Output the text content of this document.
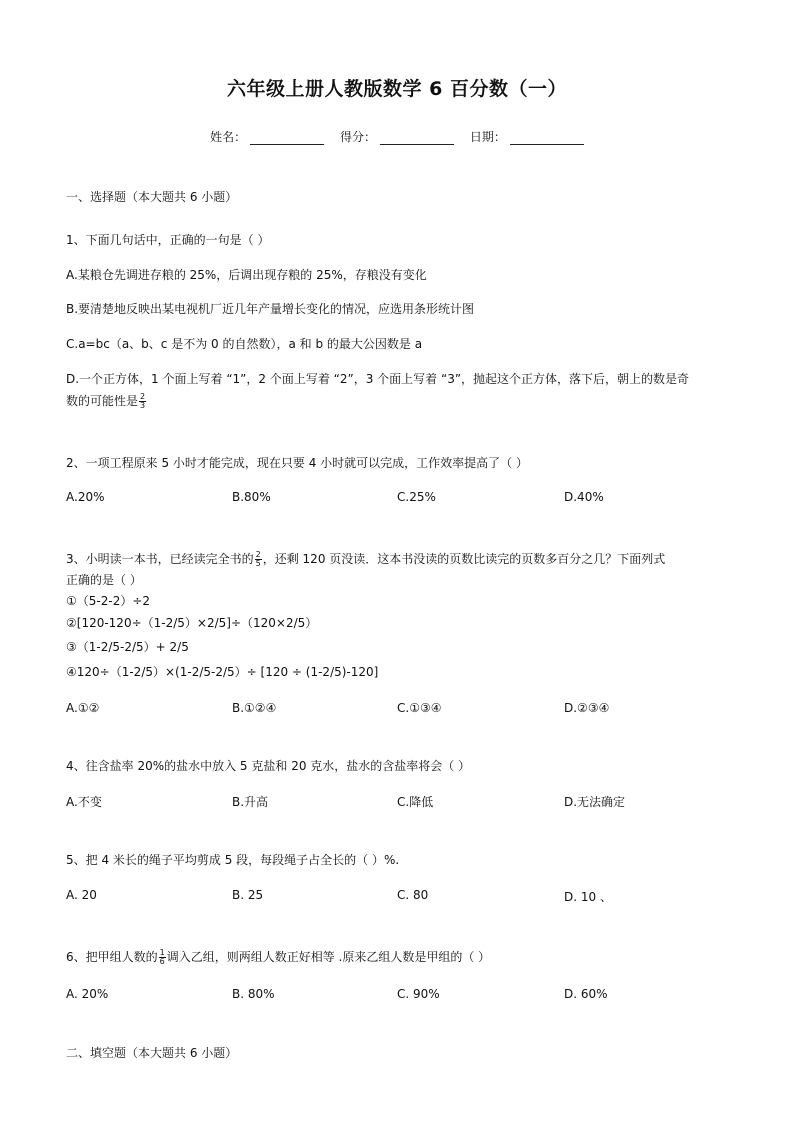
六年级上册人教版数学 6 百分数（一）
姓名：	得分：	日期：
一、选择题（本大题共 6 小题）
1、下面几句话中，正确的一句是（ ）
A.某粮仓先调进存粮的 25%，后调出现存粮的 25%，存粮没有变化
B.要清楚地反映出某电视机厂近几年产量增长变化的情况，应选用条形统计图
C.a=bc（a、b、c 是不为 0 的自然数），a 和 b 的最大公因数是 a
D.一个正方体，1 个面上写着 “1”，2 个面上写着 “2”，3 个面上写着 “3”，抛起这个正方体，落下后，朝上的数是奇
数的可能性是 $\frac{2}{3}$
2、一项工程原来 5 小时才能完成，现在只要 4 小时就可以完成，工作效率提高了（ ）
A.20%	B.80%	C.25%	D.40%
3、小明读一本书，已经读完全书的 $\frac{2}{5}$ ，还剩 120 页没读．这本书没读的页数比读完的页数多百分之几？下面列式
正确的是（ ）
①（5-2-2）÷2
②[120-120÷（1-2/5）×2/5]÷（120×2/5）
③（1-2/5-2/5）+ 2/5
④120÷（1-2/5）×(1-2/5-2/5）÷ [120 ÷ (1-2/5)-120]
A.①②	B.①②④	C.①③④	D.②③④
4、往含盐率 20%的盐水中放入 5 克盐和 20 克水，盐水的含盐率将会（ ）
A.不变	B.升高	C.降低	D.无法确定
5、把 4 米长的绳子平均剪成 5 段，每段绳子占全长的（ ）%.
A. 20	B. 25	C. 80	D. 10 、
6、把甲组人数的 $\frac{1}{6}$ 调入乙组，则两组人数正好相等 .原来乙组人数是甲组的（ ）
A. 20%	B. 80%	C. 90%	D. 60%
二、填空题（本大题共 6 小题）
